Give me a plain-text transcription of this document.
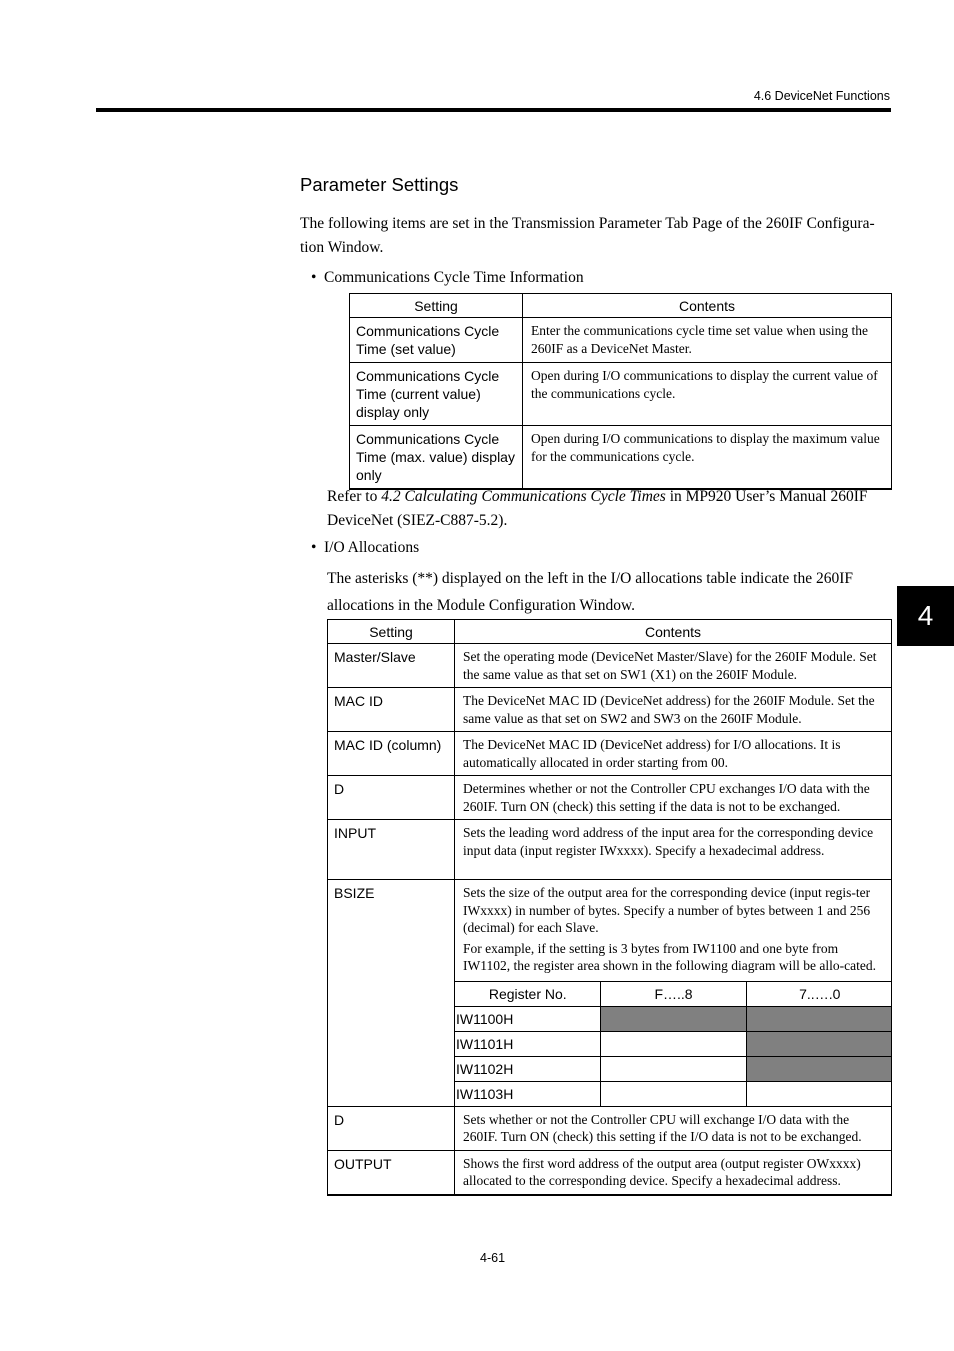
4.6 DeviceNet Functions
4
Parameter Settings
The following items are set in the Transmission Parameter Tab Page of the 260IF Configura-tion Window.
• Communications Cycle Time Information
Setting	Contents
Communications Cycle Time (set value)	Enter the communications cycle time set value when using the 260IF as a DeviceNet Master.
Communications Cycle Time (current value) display only	Open during I/O communications to display the current value of the communications cycle.
Communications Cycle Time (max. value) display only	Open during I/O communications to display the maximum value for the communications cycle.
Refer to 4.2 Calculating Communications Cycle Times in MP920 User’s Manual 260IF DeviceNet (SIEZ-C887-5.2).
• I/O Allocations
The asterisks (**) displayed on the left in the I/O allocations table indicate the 260IF allocations in the Module Configuration Window.
Setting	Contents
Master/Slave	Set the operating mode (DeviceNet Master/Slave) for the 260IF Module. Set the same value as that set on SW1 (X1) on the 260IF Module.
MAC ID	The DeviceNet MAC ID (DeviceNet address) for the 260IF Module. Set the same value as that set on SW2 and SW3 on the 260IF Module.
MAC ID (column)	The DeviceNet MAC ID (DeviceNet address) for I/O allocations. It is automatically allocated in order starting from 00.
D	Determines whether or not the Controller CPU exchanges I/O data with the 260IF. Turn ON (check) this setting if the data is not to be exchanged.
INPUT	Sets the leading word address of the input area for the corresponding device input data (input register IWxxxx). Specify a hexadecimal address.
BSIZE	Sets the size of the output area for the corresponding device (input regis-ter IWxxxx) in number of bytes. Specify a number of bytes between 1 and 256 (decimal) for each Slave.

For example, if the setting is 3 bytes from IW1100 and one byte from IW1102, the register area shown in the following diagram will be allo-cated.

Register No.	F…..8	7..….0
IW1100H		
IW1101H		
IW1102H		
IW1103H		

D	Sets whether or not the Controller CPU will exchange I/O data with the 260IF. Turn ON (check) this setting if the I/O data is not to be exchanged.
OUTPUT	Shows the first word address of the output area (output register OWxxxx) allocated to the corresponding device. Specify a hexadecimal address.
4-61
